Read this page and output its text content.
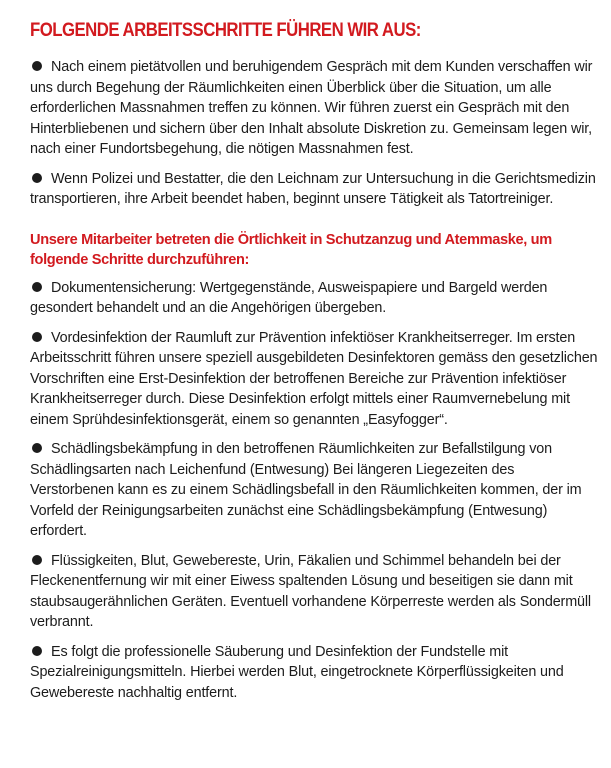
FOLGENDE ARBEITSSCHRITTE FÜHREN WIR AUS:

Nach einem pietätvollen und beruhigendem Gespräch mit dem Kunden verschaffen wir uns durch Begehung der Räumlichkeiten einen Überblick über die Situation, um alle erforderlichen Massnahmen treffen zu können. Wir führen zuerst ein Gespräch mit den Hinterbliebenen und sichern über den Inhalt absolute Diskretion zu. Gemeinsam legen wir, nach einer Fundortsbegehung, die nötigen Massnahmen fest.

Wenn Polizei und Bestatter, die den Leichnam zur Untersuchung in die Gerichtsmedizin transportieren, ihre Arbeit beendet haben, beginnt unsere Tätigkeit als Tatortreiniger.

Unsere Mitarbeiter betreten die Örtlichkeit in Schutzanzug und Atemmaske, um folgende Schritte durchzuführen:

Dokumentensicherung: Wertgegenstände, Ausweispapiere und Bargeld werden gesondert behandelt und an die Angehörigen übergeben.

Vordesinfektion der Raumluft zur Prävention infektiöser Krankheitserreger. Im ersten Arbeitsschritt führen unsere speziell ausgebildeten Desinfektoren gemäss den gesetzlichen Vorschriften eine Erst-Desinfektion der betroffenen Bereiche zur Prävention infektiöser Krankheitserreger durch. Diese Desinfektion erfolgt mittels einer Raumvernebelung mit einem Sprühdesinfektionsgerät, einem so genannten „Easyfogger“.

Schädlingsbekämpfung in den betroffenen Räumlichkeiten zur Befallstilgung von Schädlingsarten nach Leichenfund (Entwesung) Bei längeren Liegezeiten des Verstorbenen kann es zu einem Schädlingsbefall in den Räumlichkeiten kommen, der im Vorfeld der Reinigungsarbeiten zunächst eine Schädlingsbekämpfung (Entwesung) erfordert.

Flüssigkeiten, Blut, Gewebereste, Urin, Fäkalien und Schimmel behandeln bei der Fleckenentfernung wir mit einer Eiwess spaltenden Lösung und beseitigen sie dann mit staubsaugerähnlichen Geräten. Eventuell vorhandene Körperreste werden als Sondermüll verbrannt.

Es folgt die professionelle Säuberung und Desinfektion der Fundstelle mit Spezialreinigungsmitteln. Hierbei werden Blut, eingetrocknete Körperflüssigkeiten und Gewebereste nachhaltig entfernt.
